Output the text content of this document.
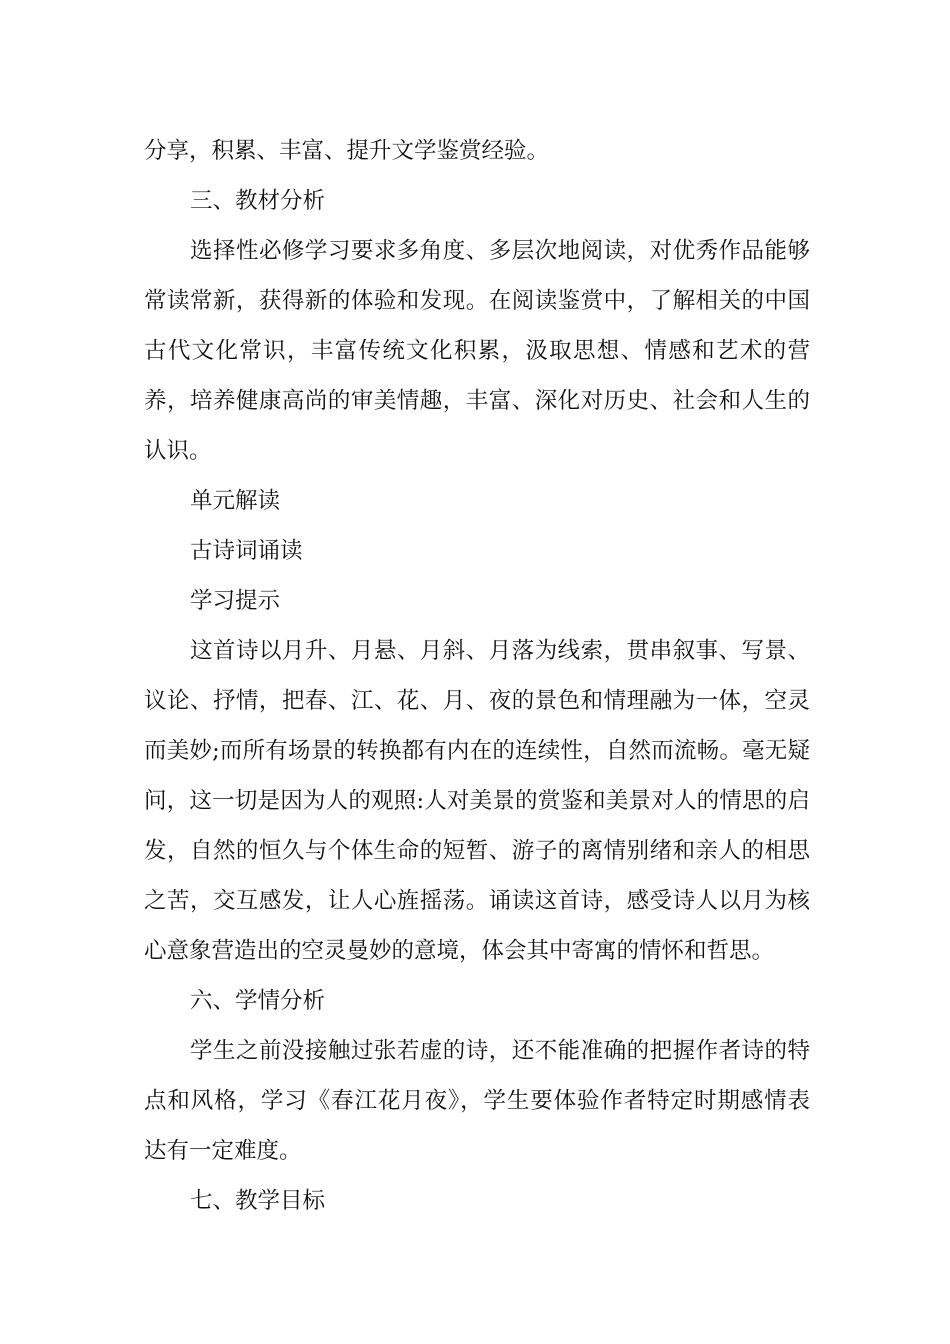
分享，积累、丰富、提升文学鉴赏经验。
三、教材分析
选择性必修学习要求多角度、多层次地阅读，对优秀作品能够
常读常新，获得新的体验和发现。在阅读鉴赏中，了解相关的中国
古代文化常识，丰富传统文化积累，汲取思想、情感和艺术的营
养，培养健康高尚的审美情趣，丰富、深化对历史、社会和人生的
认识。
单元解读
古诗词诵读
学习提示
这首诗以月升、月悬、月斜、月落为线索，贯串叙事、写景、
议论、抒情，把春、江、花、月、夜的景色和情理融为一体，空灵
而美妙;而所有场景的转换都有内在的连续性，自然而流畅。毫无疑
问，这一切是因为人的观照:人对美景的赏鉴和美景对人的情思的启
发，自然的恒久与个体生命的短暂、游子的离情别绪和亲人的相思
之苦，交互感发，让人心旌摇荡。诵读这首诗，感受诗人以月为核
心意象营造出的空灵曼妙的意境，体会其中寄寓的情怀和哲思。
六、学情分析
学生之前没接触过张若虚的诗，还不能准确的把握作者诗的特
点和风格，学习《春江花月夜》，学生要体验作者特定时期感情表
达有一定难度。
七、教学目标
